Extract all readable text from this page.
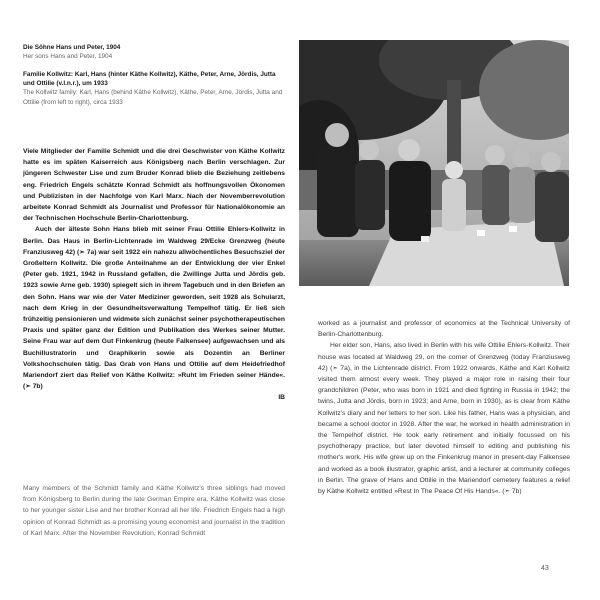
Die Söhne Hans und Peter, 1904
Her sons Hans and Peter, 1904
Familie Kollwitz: Karl, Hans (hinter Käthe Kollwitz), Käthe, Peter, Arne, Jördis, Jutta und Ottilie (v.l.n.r.), um 1933
The Kollwitz family: Karl, Hans (behind Käthe Kollwitz), Käthe, Peter, Arne, Jördis, Jutta and Ottilie (from left to right), circa 1933

Viele Mitglieder der Familie Schmidt und die drei Geschwister von Käthe Kollwitz hatte es im späten Kaiserreich aus Königsberg nach Berlin verschlagen. Zur jüngeren Schwester Lise und zum Bruder Konrad blieb die Beziehung zeitlebens eng. Friedrich Engels schätzte Konrad Schmidt als hoffnungsvollen Ökonomen und Publizisten in der Nachfolge von Karl Marx. Nach der Novemberrevolution arbeitete Konrad Schmidt als Journalist und Professor für Nationalökonomie an der Technischen Hochschule Berlin-Charlottenburg.

Auch der älteste Sohn Hans blieb mit seiner Frau Ottilie Ehlers-Kollwitz in Berlin. Das Haus in Berlin-Lichtenrade im Waldweg 29/Ecke Grenzweg (heute Franziusweg 42) (➣ 7a) war seit 1922 ein nahezu allwöchentliches Besuchsziel der Großeltern Kollwitz. Die große Anteilnahme an der Entwicklung der vier Enkel (Peter geb. 1921, 1942 in Russland gefallen, die Zwillinge Jutta und Jördis geb. 1923 sowie Arne geb. 1930) spiegelt sich in ihrem Tagebuch und in den Briefen an den Sohn. Hans war wie der Vater Mediziner geworden, seit 1928 als Schularzt, nach dem Krieg in der Gesundheitsverwaltung Tempelhof tätig. Er ließ sich frühzeitig pensionieren und widmete sich zunächst seiner psychotherapeutischen Praxis und später ganz der Edition und Publikation des Werkes seiner Mutter. Seine Frau war auf dem Gut Finkenkrug (heute Falkensee) aufgewachsen und als Buchillustratorin und Graphikerin sowie als Dozentin an Berliner Volkshochschulen tätig. Das Grab von Hans und Ottilie auf dem Heidefriedhof Mariendorf ziert das Relief von Käthe Kollwitz: »Ruht im Frieden seiner Hände«. (➣ 7b)

IB
Many members of the Schmidt family and Käthe Kollwitz's three siblings had moved from Königsberg to Berlin during the late German Empire era. Käthe Kollwitz was close to her younger sister Lise and her brother Konrad all her life. Friedrich Engels had a high opinion of Konrad Schmidt as a promising young economist and journalist in the tradition of Karl Marx. After the November Revolution, Konrad Schmidt

worked as a journalist and professor of economics at the Technical University of Berlin-Charlottenburg.

Her elder son, Hans, also lived in Berlin with his wife Ottilie Ehlers-Kollwitz. Their house was located at Waldweg 29, on the corner of Grenzweg (today Franziusweg 42) (➣ 7a), in the Lichtenrade district. From 1922 onwards, Käthe and Karl Kollwitz visited them almost every week. They played a major role in raising their four grandchildren (Peter, who was born in 1921 and died fighting in Russia in 1942; the twins, Jutta and Jördis, born in 1923; and Arne, born in 1930), as is clear from Käthe Kollwitz's diary and her letters to her son. Like his father, Hans was a physician, and became a school doctor in 1928. After the war, he worked in health administration in the Tempelhof district. He took early retirement and initially focussed on his psychotherapy practice, but later devoted himself to editing and publishing his mother's work. His wife grew up on the Finkenkrug manor in present-day Falkensee and worked as a book illustrator, graphic artist, and a lecturer at community colleges in Berlin. The grave of Hans and Ottilie in the Mariendorf cemetery features a relief by Käthe Kollwitz entitled »Rest In The Peace Of His Hands«. (➣ 7b)

43
